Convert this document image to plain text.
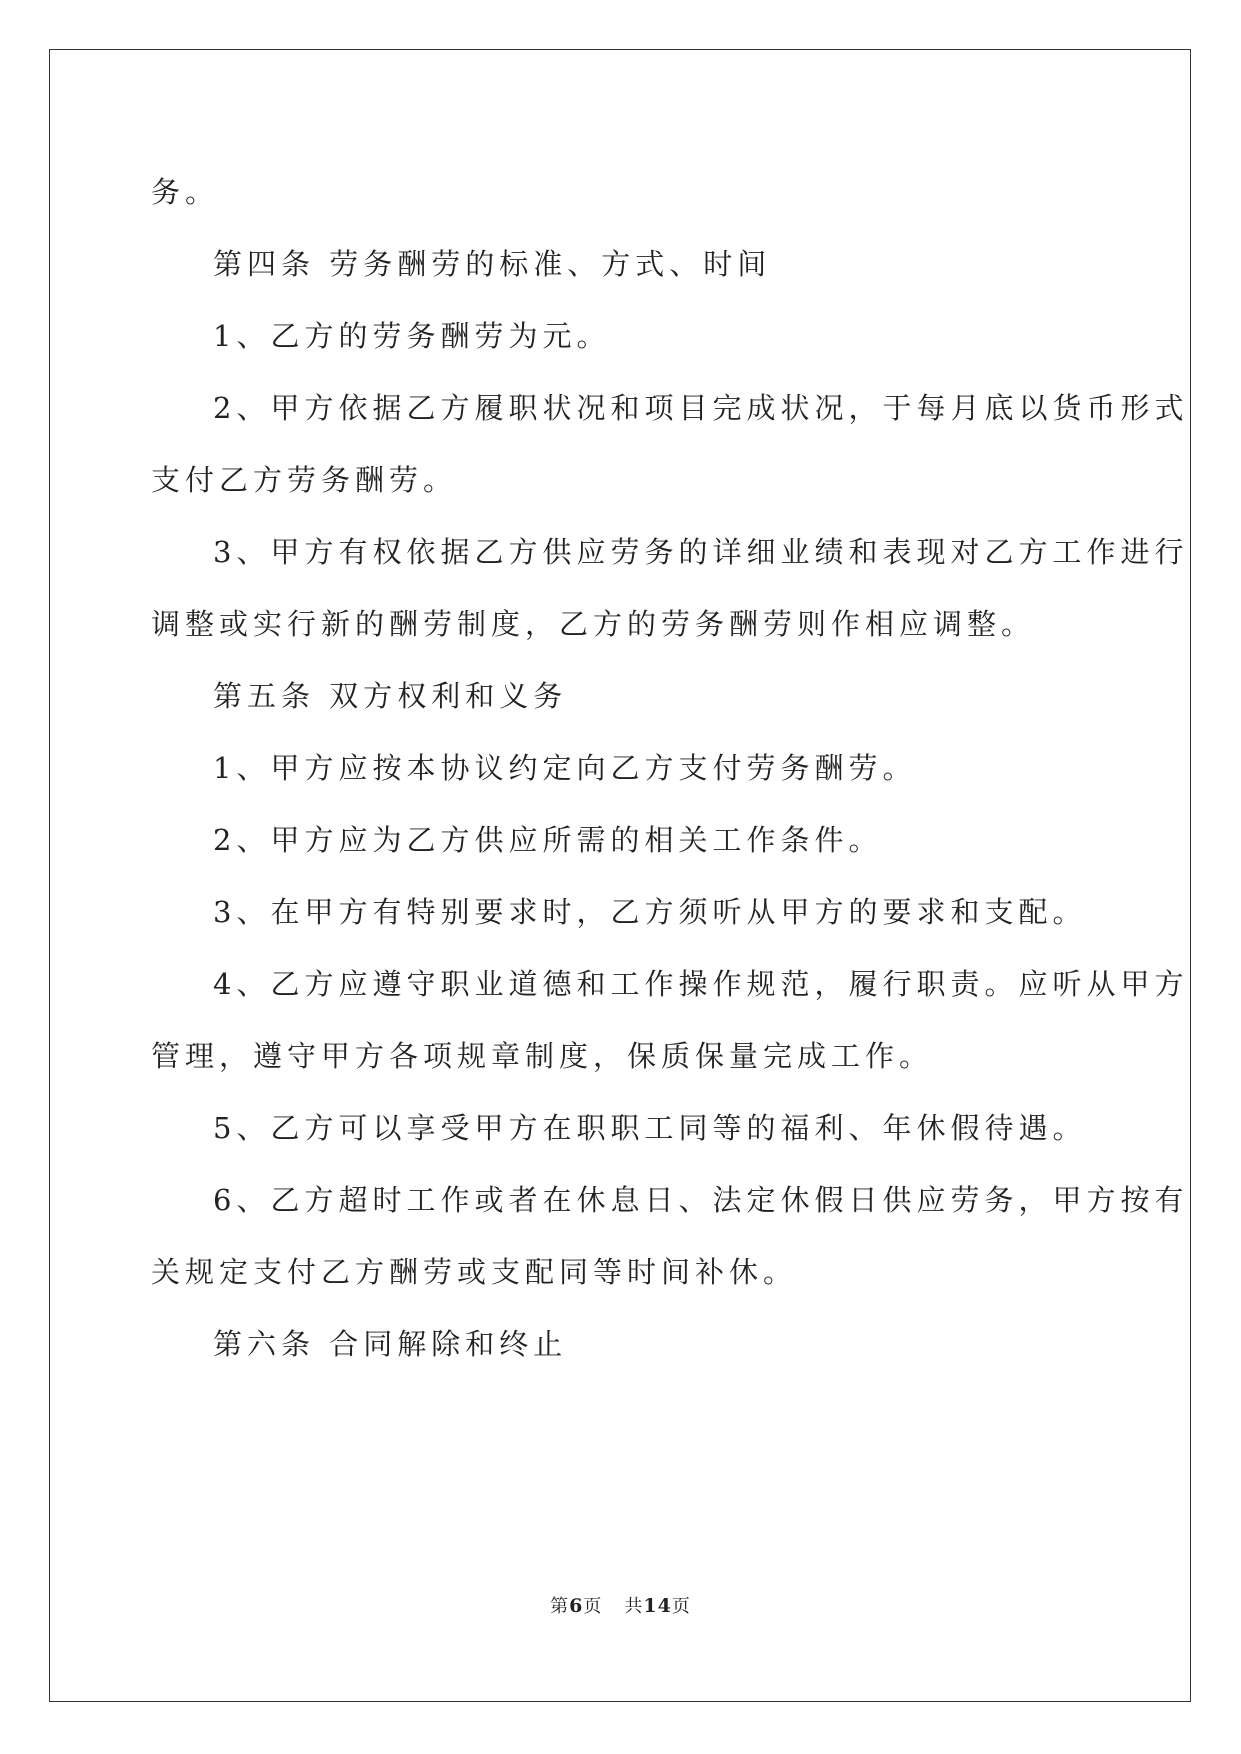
务。

第四条 劳务酬劳的标准、方式、时间

1、乙方的劳务酬劳为元。

2、甲方依据乙方履职状况和项目完成状况，于每月底以货币形式

支付乙方劳务酬劳。

3、甲方有权依据乙方供应劳务的详细业绩和表现对乙方工作进行

调整或实行新的酬劳制度，乙方的劳务酬劳则作相应调整。

第五条 双方权利和义务

1、甲方应按本协议约定向乙方支付劳务酬劳。

2、甲方应为乙方供应所需的相关工作条件。

3、在甲方有特别要求时，乙方须听从甲方的要求和支配。

4、乙方应遵守职业道德和工作操作规范，履行职责。应听从甲方

管理，遵守甲方各项规章制度，保质保量完成工作。

5、乙方可以享受甲方在职职工同等的福利、年休假待遇。

6、乙方超时工作或者在休息日、法定休假日供应劳务，甲方按有

关规定支付乙方酬劳或支配同等时间补休。

第六条 合同解除和终止

第6页 共14页
